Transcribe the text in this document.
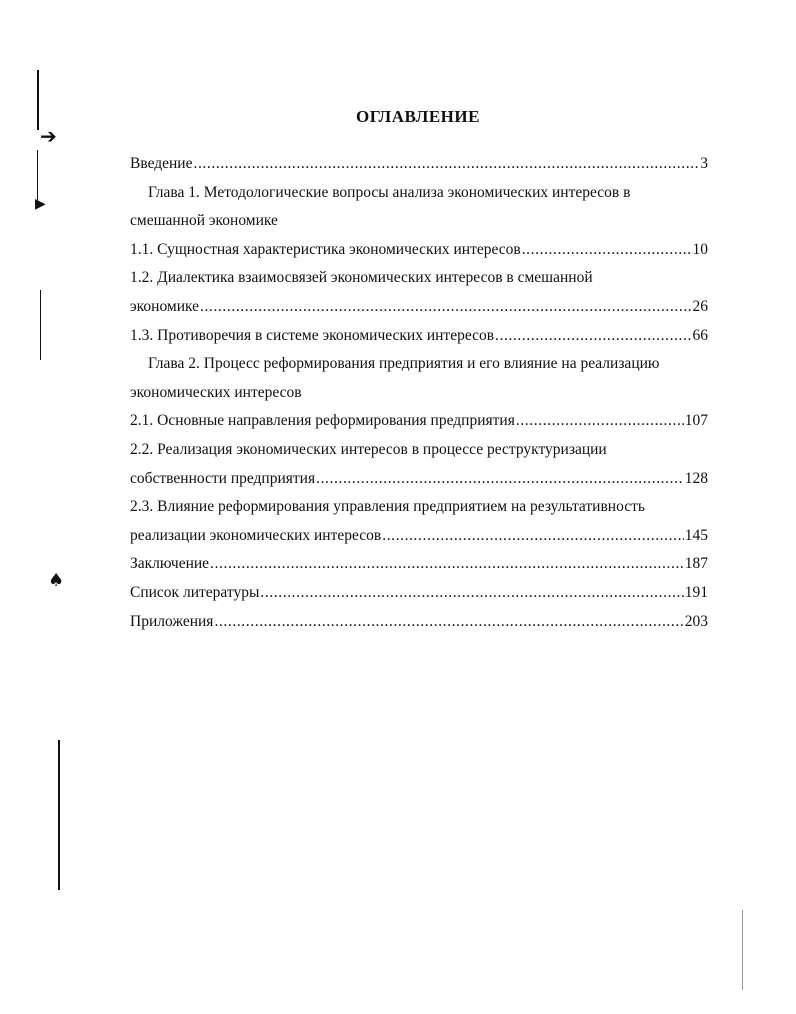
➔
▶
♠
ОГЛАВЛЕНИЕ
Введение .....	3
Глава 1. Методологические вопросы анализа экономических интересов в
смешанной экономике
1.1. Сущностная характеристика экономических интересов .....	10
1.2. Диалектика взаимосвязей экономических интересов в смешанной
экономике .....	26
1.3. Противоречия в системе экономических интересов .....	66
Глава 2. Процесс реформирования предприятия и его влияние на реализацию
экономических интересов
2.1. Основные направления реформирования предприятия .....	107
2.2. Реализация экономических интересов в процессе реструктуризации
собственности предприятия .....	128
2.3. Влияние реформирования управления предприятием на результативность
реализации экономических интересов .....	145
Заключение .....	187
Список литературы .....	191
Приложения .....	203
